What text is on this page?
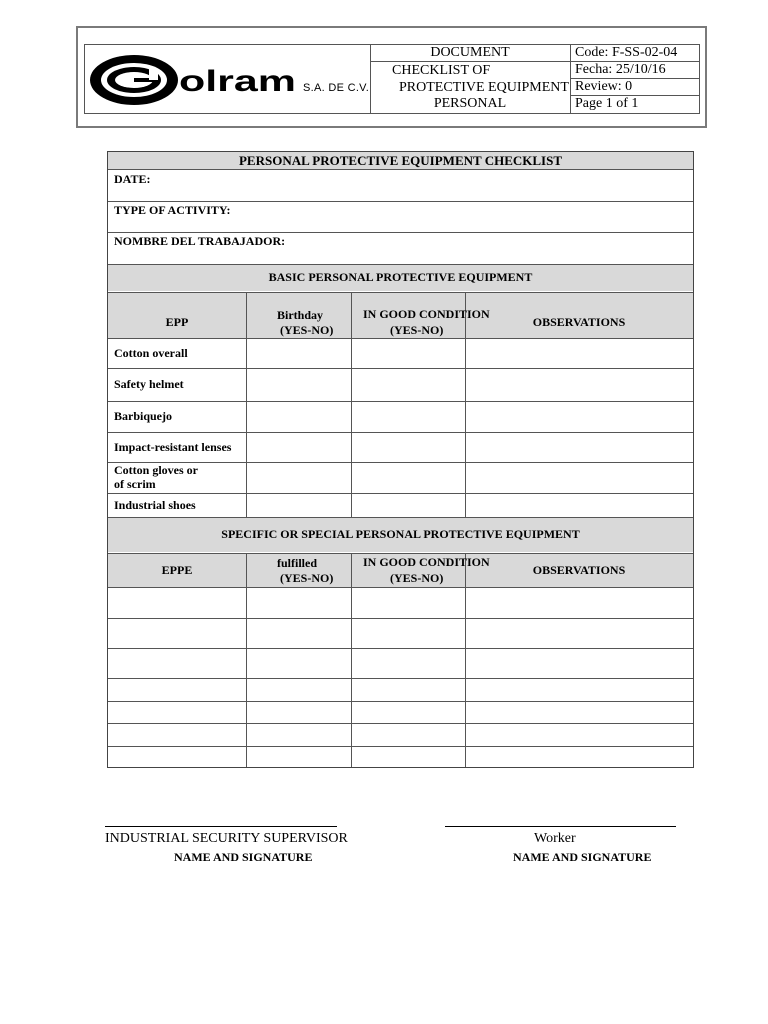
olram S.A. DE C.V.
DOCUMENT
CHECKLIST OF
PROTECTIVE EQUIPMENT
PERSONAL
Code: F-SS-02-04
Fecha: 25/10/16
Review: 0
Page 1 of 1
PERSONAL PROTECTIVE EQUIPMENT CHECKLIST
DATE:
TYPE OF ACTIVITY:
NOMBRE DEL TRABAJADOR:
BASIC PERSONAL PROTECTIVE EQUIPMENT
EPP	Birthday
(YES-NO)
IN GOOD CONDITION
(YES-NO)
OBSERVATIONS
Cotton overall
Safety helmet
Barbiquejo
Impact-resistant lenses
Cotton gloves or
of scrim
Industrial shoes
SPECIFIC OR SPECIAL PERSONAL PROTECTIVE EQUIPMENT
EPPE	fulfilled
(YES-NO)
IN GOOD CONDITION
(YES-NO)
OBSERVATIONS
INDUSTRIAL SECURITY SUPERVISOR
NAME AND SIGNATURE
Worker
NAME AND SIGNATURE
